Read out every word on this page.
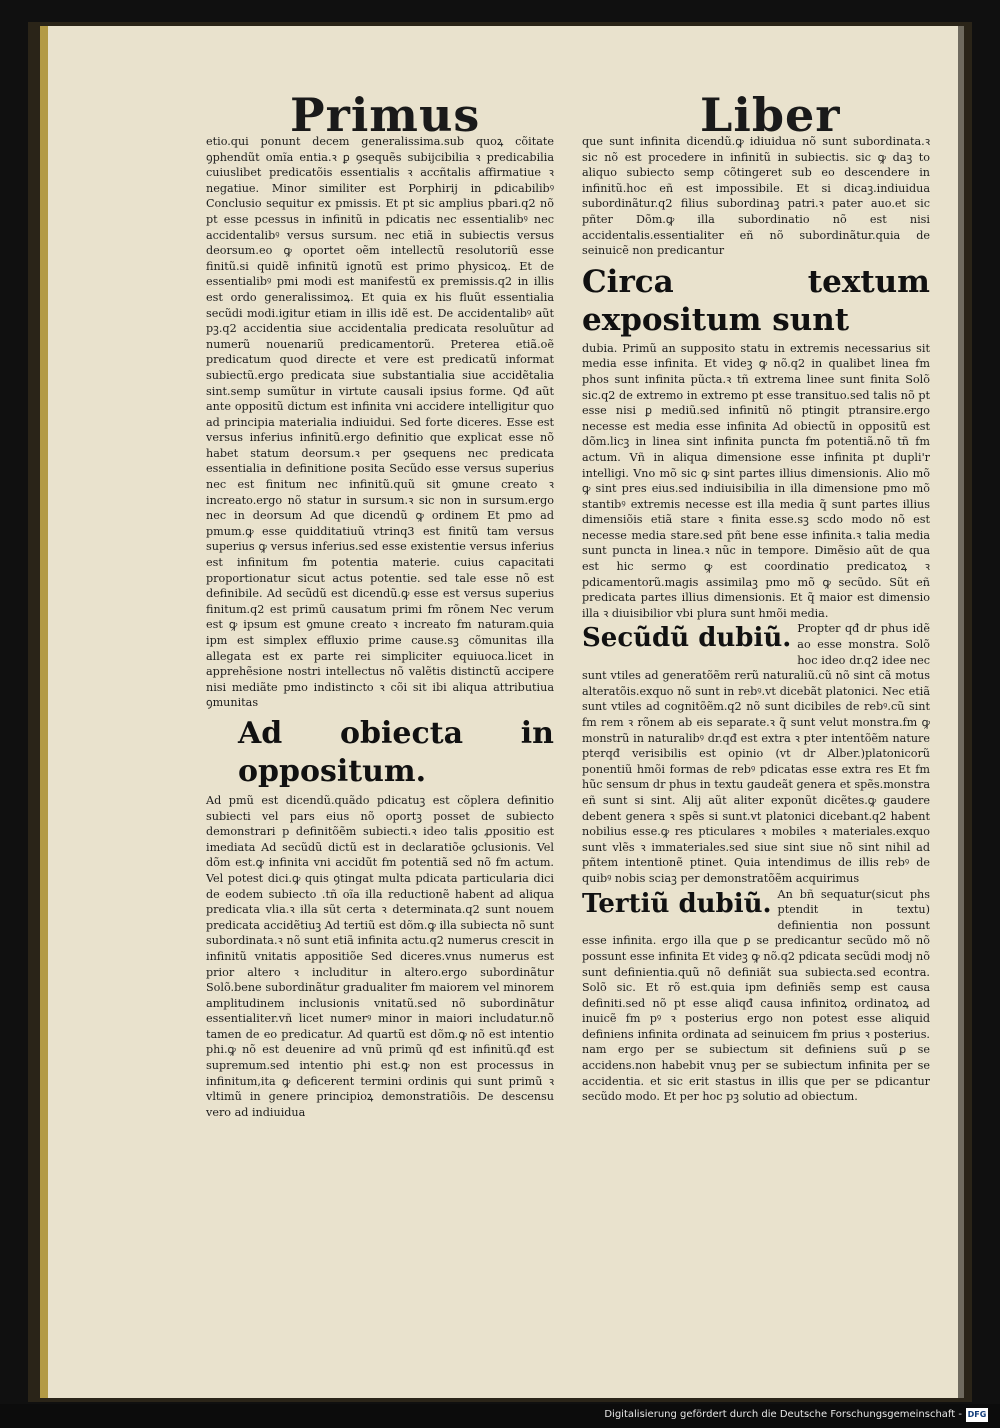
Primus	Liber

etio.qui ponunt decem generalissima.sub quoꝝ cõitate ꝯphendũt omĩa entia.ꝛ ꝑ ꝯsequẽs subijcibilia ꝛ predicabilia cuiuslibet predicatõis essentialis ꝛ accñtalis affirmatiue ꝛ negatiue. Minor similiter est Porphirij in ꝑdicabilibꝰ Conclusio sequitur ex pmissis. Et pt sic amplius pbari.q2 nõ pt esse pcessus in infinitũ in pdicatis nec essentialibꝰ nec accidentalibꝰ versus sursum. nec etiã in subiectis versus deorsum.eo ꝙ oportet oẽm intellectũ resolutoriũ esse finitũ.si quidẽ infinitũ ignotũ est primo physicoꝝ. Et de essentialibꝰ pmi modi est manifestũ ex premissis.q2 in illis est ordo generalissimoꝝ. Et quia ex his fluũt essentialia secũdi modi.igitur etiam in illis idẽ est. De accidentalibꝰ aũt pꝫ.q2 accidentia siue accidentalia predicata resoluũtur ad numerũ nouenariũ predicamentorũ. Preterea etiã.oẽ predicatum quod directe et vere est predicatũ informat subiectũ.ergo predicata siue substantialia siue accidẽtalia sint.semp sumũtur in virtute causali ipsius forme. Qđ aũt ante oppositũ dictum est infinita vni accidere intelligitur quo ad principia materialia indiuidui. Sed forte diceres. Esse est versus inferius infinitũ.ergo definitio que explicat esse nõ habet statum deorsum.ꝛ per ꝯsequens nec predicata essentialia in definitione posita Secũdo esse versus superius nec est finitum nec infinitũ.quũ sit ꝯmune creato ꝛ increato.ergo nõ statur in sursum.ꝛ sic non in sursum.ergo nec in deorsum Ad que dicendũ ꝙ ordinem Et pmo ad pmum.ꝙ esse quidditatiuũ vtrinq3 est finitũ tam versus superius ꝙ versus inferius.sed esse existentie versus inferius est infinitum fm potentia materie. cuius capacitati proportionatur sicut actus potentie. sed tale esse nõ est definibile. Ad secũdũ est dicendũ.ꝙ esse est versus superius finitum.q2 est primũ causatum primi fm rõnem Nec verum est ꝙ ipsum est ꝯmune creato ꝛ increato fm naturam.quia ipm est simplex effluxio prime cause.sꝫ cõmunitas illa allegata est ex parte rei simpliciter equiuoca.licet in apprehẽsione nostri intellectus nõ valẽtis distinctũ accipere nisi mediãte pmo indistincto ꝛ cõi sit ibi aliqua attributiua ꝯmunitas

Ad obiecta in oppositum.

Ad pmũ est dicendũ.quãdo pdicatuꝫ est cõplera definitio subiecti vel pars eius nõ oportꝫ posset de subiecto demonstrari p definitõẽm subiecti.ꝛ ideo talis ꝓpositio est imediata Ad secũdũ dictũ est in declaratiõe ꝯclusionis. Vel dõm est.ꝙ infinita vni accidũt fm potentiã sed nõ fm actum. Vel potest dici.ꝙ quis ꝯtingat multa pdicata particularia dici de eodem subiecto .tñ oĩa illa reductionẽ habent ad aliqua predicata vlia.ꝛ illa sũt certa ꝛ determinata.q2 sunt nouem predicata accidẽtiuꝫ Ad tertiũ est dõm.ꝙ illa subiecta nõ sunt subordinata.ꝛ nõ sunt etiã infinita actu.q2 numerus crescit in infinitũ vnitatis appositiõe Sed diceres.vnus numerus est prior altero ꝛ includitur in altero.ergo subordinãtur Solõ.bene subordinãtur gradualiter fm maiorem vel minorem amplitudinem inclusionis vnitatũ.sed nõ subordinãtur essentialiter.vñ licet numerꝰ minor in maiori includatur.nõ tamen de eo predicatur. Ad quartũ est dõm.ꝙ nõ est intentio phi.ꝙ nõ est deuenire ad vnũ primũ qđ est infinitũ.qđ est supremum.sed intentio phi est.ꝙ non est processus in infinitum,ita ꝙ deficerent termini ordinis qui sunt primũ ꝛ vltimũ in genere principioꝝ demonstratiõis. De descensu vero ad indiuidua

que sunt infinita dicendũ.ꝙ idiuidua nõ sunt subordinata.ꝛ sic nõ est procedere in infinitũ in subiectis. sic ꝙ daꝫ to aliquo subiecto semp cõtingeret sub eo descendere in infinitũ.hoc eñ est impossibile. Et si dicaꝫ.indiuidua subordinãtur.q2 filius subordinaꝫ patri.ꝛ pater auo.et sic pñter Dõm.ꝙ illa subordinatio nõ est nisi accidentalis.essentialiter eñ nõ subordinãtur.quia de seinuicẽ non predicantur

Circa textum expositum sunt

dubia. Primũ an supposito statu in extremis necessarius sit media esse infinita. Et videꝫ ꝙ nõ.q2 in qualibet linea fm phos sunt infinita pũcta.ꝛ tñ extrema linee sunt finita Solõ sic.q2 de extremo in extremo pt esse transituo.sed talis nõ pt esse nisi ꝑ mediũ.sed infinitũ nõ ptingit ptransire.ergo necesse est media esse infinita Ad obiectũ in oppositũ est dõm.licꝫ in linea sint infinita puncta fm potentiã.nõ tñ fm actum. Vñ in aliqua dimensione esse infinita pt dupli'r intelligi. Vno mõ sic ꝙ sint partes illius dimensionis. Alio mõ ꝙ sint pres eius.sed indiuisibilia in illa dimensione pmo mõ stantibꝰ extremis necesse est illa media q̃ sunt partes illius dimensiõis etiã stare ꝛ finita esse.sꝫ scdo modo nõ est necesse media stare.sed pñt bene esse infinita.ꝛ talia media sunt puncta in linea.ꝛ nũc in tempore. Dimẽsio aũt de qua est hic sermo ꝙ est coordinatio predicatoꝝ ꝛ pdicamentorũ.magis assimilaꝫ pmo mõ ꝙ secũdo. Sũt eñ predicata partes illius dimensionis. Et q̃ maior est dimensio illa ꝛ diuisibilior vbi plura sunt hmõi media.

Secũdũ dubiũ. Propter qđ dr phus idẽ ao esse monstra. Solõ hoc ideo dr.q2 idee nec sunt vtiles ad generatõẽm rerũ naturaliũ.cũ nõ sint cã motus alteratõis.exquo nõ sunt in rebꝰ.vt dicebãt platonici. Nec etiã sunt vtiles ad cognitõẽm.q2 nõ sunt dicibiles de rebꝰ.cũ sint fm rem ꝛ rõnem ab eis separate.ꝛ q̃ sunt velut monstra.fm ꝙ monstrũ in naturalibꝰ dr.qđ est extra ꝛ pter intentõẽm nature pterqđ verisibilis est opinio (vt dr Alber.)platonicorũ ponentiũ hmõi formas de rebꝰ pdicatas esse extra res Et fm hũc sensum dr phus in textu gaudeãt genera et spẽs.monstra eñ sunt si sint. Alij aũt aliter exponũt dicẽtes.ꝙ gaudere debent genera ꝛ spẽs si sunt.vt platonici dicebant.q2 habent nobilius esse.ꝙ res pticulares ꝛ mobiles ꝛ materiales.exquo sunt vlẽs ꝛ immateriales.sed siue sint siue nõ sint nihil ad pñtem intentionẽ ptinet. Quia intendimus de illis rebꝰ de quibꝰ nobis sciaꝫ per demonstratõẽm acquirimus

Tertiũ dubiũ. An bñ sequatur(sicut phs ptendit in textu) definientia non possunt esse infinita. ergo illa que ꝑ se predicantur secũdo mõ nõ possunt esse infinita Et videꝫ ꝙ nõ.q2 pdicata secũdi modj nõ sunt definientia.quũ nõ definiãt sua subiecta.sed econtra. Solõ sic. Et rõ est.quia ipm definiẽs semp est causa definiti.sed nõ pt esse aliqđ causa infinitoꝝ ordinatoꝝ ad inuicẽ fm pꝰ ꝛ posterius ergo non potest esse aliquid definiens infinita ordinata ad seinuicem fm prius ꝛ posterius. nam ergo per se subiectum sit definiens suũ ꝑ se accidens.non habebit vnuꝫ per se subiectum infinita per se accidentia. et sic erit stastus in illis que per se pdicantur secũdo modo. Et per hoc pꝫ solutio ad obiectum.

Digitalisierung gefördert durch die Deutsche Forschungsgemeinschaft - DFG
